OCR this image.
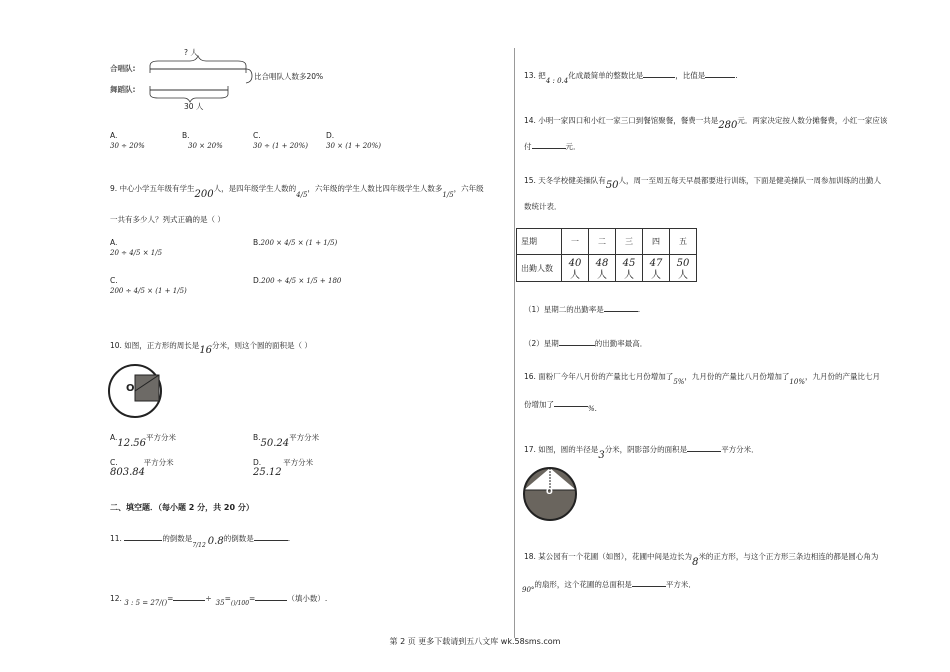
合唱队:
舞蹈队:
? 人
比合唱队人数多20%
30 人
A.
30 ÷ 20%
B.
30 × 20%
C.
30 ÷ (1 + 20%)
D.
30 × (1 + 20%)
9. 中心小学五年级有学生200人，是四年级学生人数的4/5，六年级的学生人数比四年级学生人数多1/5，六年级
一共有多少人？列式正确的是（ ）
A.
20 ÷ 4/5 × 1/5
B.200 × 4/5 × (1 + 1/5)
C.
200 ÷ 4/5 × (1 + 1/5)
D.200 ÷ 4/5 × 1/5 + 180
10. 如图，正方形的周长是16分米，则这个圆的面积是（ ）
O
A.12.56平方分米	B.50.24平方分米
C.	平方分米
803.84
D.	平方分米
25.12
二、填空题．（每小题 2 分，共 20 分）
11.	的倒数是$_{7/12}$ 0.8的倒数是	.
12. 3 : 5 = 27/()=	÷ $35=_{()/100}=$	（填小数）.
13. 把4 : 0.4化成最简单的整数比是	，比值是	.
14. 小明一家四口和小红一家三口到餐馆聚餐，餐费一共是280元．两家决定按人数分摊餐费，小红一家应该
付	元．
15. 天冬学校健美操队有50人，周一至周五每天早晨都要进行训练，下面是健美操队一周参加训练的出勤人
数统计表．
星期	一	二	三	四	五
出勤人数	40人	48人	45人	47人	50人
（1）星期二的出勤率是	.
（2）星期	的出勤率最高．
16. 面粉厂今年八月份的产量比七月份增加了5%，九月份的产量比八月份增加了10%，九月份的产量比七月
份增加了	%.
17. 如图，圆的半径是3分米，阴影部分的面积是	平方分米．
O
18. 某公园有一个花圃（如图），花圃中间是边长为8米的正方形，与这个正方形三条边相连的都是圆心角为
90°的扇形，这个花圃的总面积是	平方米．
第 2 页 更多下载请到五八文库 wk.58sms.com
